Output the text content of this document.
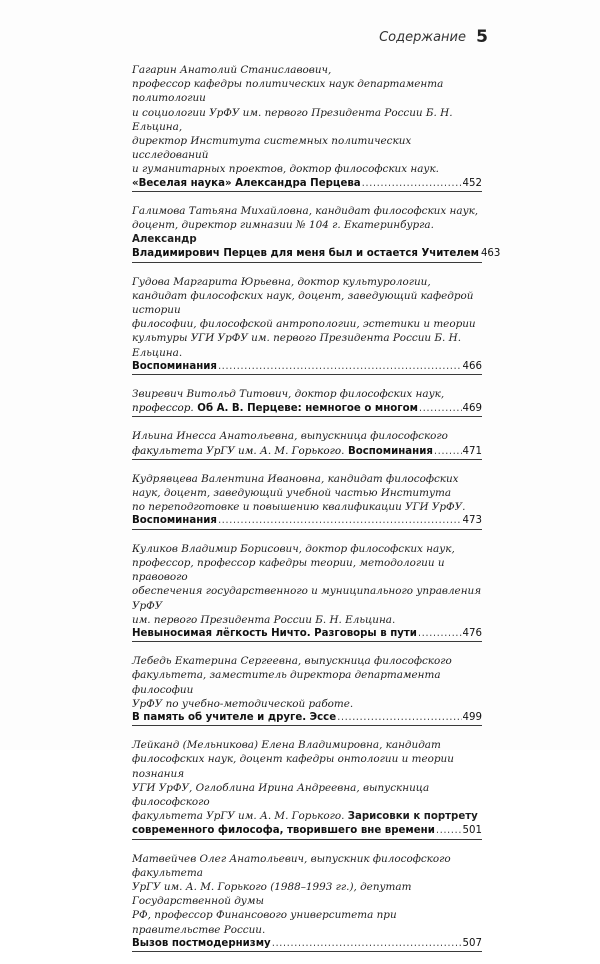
Содержание 5

Гагарин Анатолий Станиславович,

профессор кафедры политических наук департамента политологии

и социологии УрФУ им. первого Президента России Б. Н. Ельцина,

директор Института системных политических исследований

и гуманитарных проектов, доктор философских наук.

«Веселая наука» Александра Перцева .....	452

Галимова Татьяна Михайловна, кандидат философских наук,

доцент, директор гимназии № 104 г. Екатеринбурга. Александр

Владимирович Перцев для меня был и остается Учителем 463

Гудова Маргарита Юрьевна, доктор культурологии,

кандидат философских наук, доцент, заведующий кафедрой истории

философии, философской антропологии, эстетики и теории

культуры УГИ УрФУ им. первого Президента России Б. Н. Ельцина.

Воспоминания .....	466

Звиревич Витольд Титович, доктор философских наук,

профессор. Об А. В. Перцеве: немногое о многом .....	469

Ильина Инесса Анатольевна, выпускница философского

факультета УрГУ им. А. М. Горького. Воспоминания .....	471

Кудрявцева Валентина Ивановна, кандидат философских

наук, доцент, заведующий учебной частью Института

по переподготовке и повышению квалификации УГИ УрФУ.

Воспоминания .....	473

Куликов Владимир Борисович, доктор философских наук,

профессор, профессор кафедры теории, методологии и правового

обеспечения государственного и муниципального управления УрФУ

им. первого Президента России Б. Н. Ельцина.

Невыносимая лёгкость Ничто. Разговоры в пути .....	476

Лебедь Екатерина Сергеевна, выпускница философского

факультета, заместитель директора департамента философии

УрФУ по учебно-методической работе.

В память об учителе и друге. Эссе .....	499

Лейканд (Мельникова) Елена Владимировна, кандидат

философских наук, доцент кафедры онтологии и теории познания

УГИ УрФУ, Оглоблина Ирина Андреевна, выпускница философского

факультета УрГУ им. А. М. Горького. Зарисовки к портрету

современного философа, творившего вне времени .....	501

Матвейчев Олег Анатольевич, выпускник философского факультета

УрГУ им. А. М. Горького (1988–1993 гг.), депутат Государственной думы

РФ, профессор Финансового университета при правительстве России.

Вызов постмодернизму .....	507
